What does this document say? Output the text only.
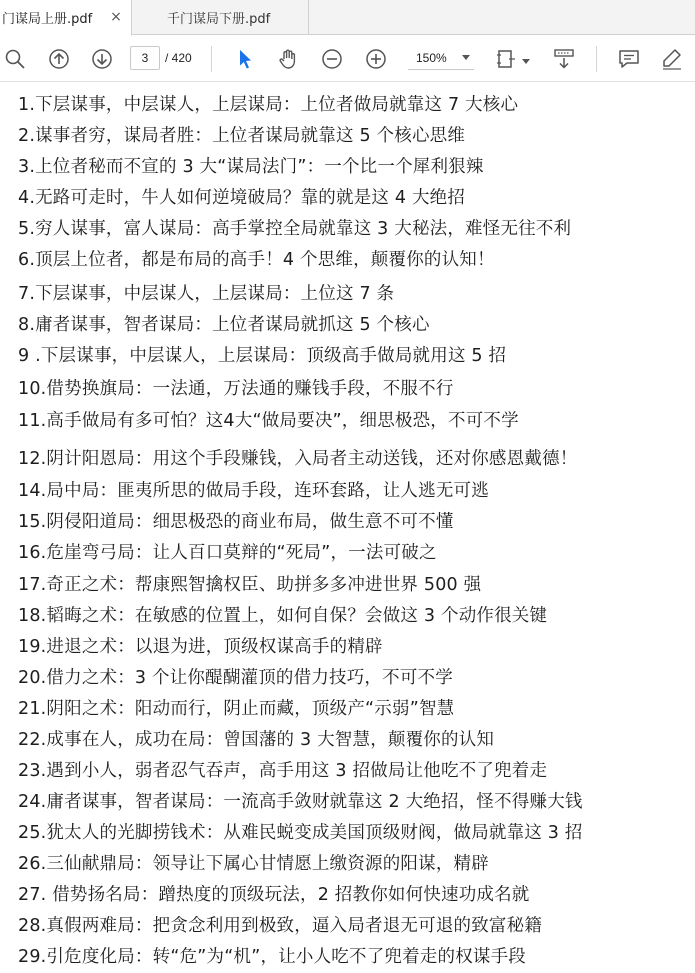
门谋局上册.pdf ×	千门谋局下册.pdf
3	/ 420	150%
1.下层谋事，中层谋人，上层谋局：上位者做局就靠这 7 大核心
2.谋事者穷，谋局者胜：上位者谋局就靠这 5 个核心思维
3.上位者秘而不宣的 3 大“谋局法门”：一个比一个犀利狠辣
4.无路可走时，牛人如何逆境破局？靠的就是这 4 大绝招
5.穷人谋事，富人谋局：高手掌控全局就靠这 3 大秘法，难怪无往不利
6.顶层上位者，都是布局的高手！4 个思维，颠覆你的认知！
7.下层谋事，中层谋人，上层谋局：上位这 7 条
8.庸者谋事，智者谋局：上位者谋局就抓这 5 个核心
9 .下层谋事，中层谋人，上层谋局：顶级高手做局就用这 5 招
10.借势换旗局：一法通，万法通的赚钱手段，不服不行
11.高手做局有多可怕？这4大“做局要决”，细思极恐，不可不学
12.阴计阳恩局：用这个手段赚钱，入局者主动送钱，还对你感恩戴德！
14.局中局：匪夷所思的做局手段，连环套路，让人逃无可逃
15.阴侵阳道局：细思极恐的商业布局，做生意不可不懂
16.危崖弯弓局：让人百口莫辩的“死局”，一法可破之
17.奇正之术：帮康熙智擒权臣、助拼多多冲进世界 500 强
18.韬晦之术：在敏感的位置上，如何自保？会做这 3 个动作很关键
19.进退之术：以退为进，顶级权谋高手的精辟
20.借力之术：3 个让你醍醐灌顶的借力技巧，不可不学
21.阴阳之术：阳动而行，阴止而藏，顶级产“示弱”智慧
22.成事在人，成功在局：曾国藩的 3 大智慧，颠覆你的认知
23.遇到小人，弱者忍气吞声，高手用这 3 招做局让他吃不了兜着走
24.庸者谋事，智者谋局：一流高手敛财就靠这 2 大绝招，怪不得赚大钱
25.犹太人的光脚捞钱术：从难民蜕变成美国顶级财阀，做局就靠这 3 招
26.三仙献鼎局：领导让下属心甘情愿上缴资源的阳谋，精辟
27. 借势扬名局：蹭热度的顶级玩法，2 招教你如何快速功成名就
28.真假两难局：把贪念利用到极致，逼入局者退无可退的致富秘籍
29.引危度化局：转“危”为“机”，让小人吃不了兜着走的权谋手段
